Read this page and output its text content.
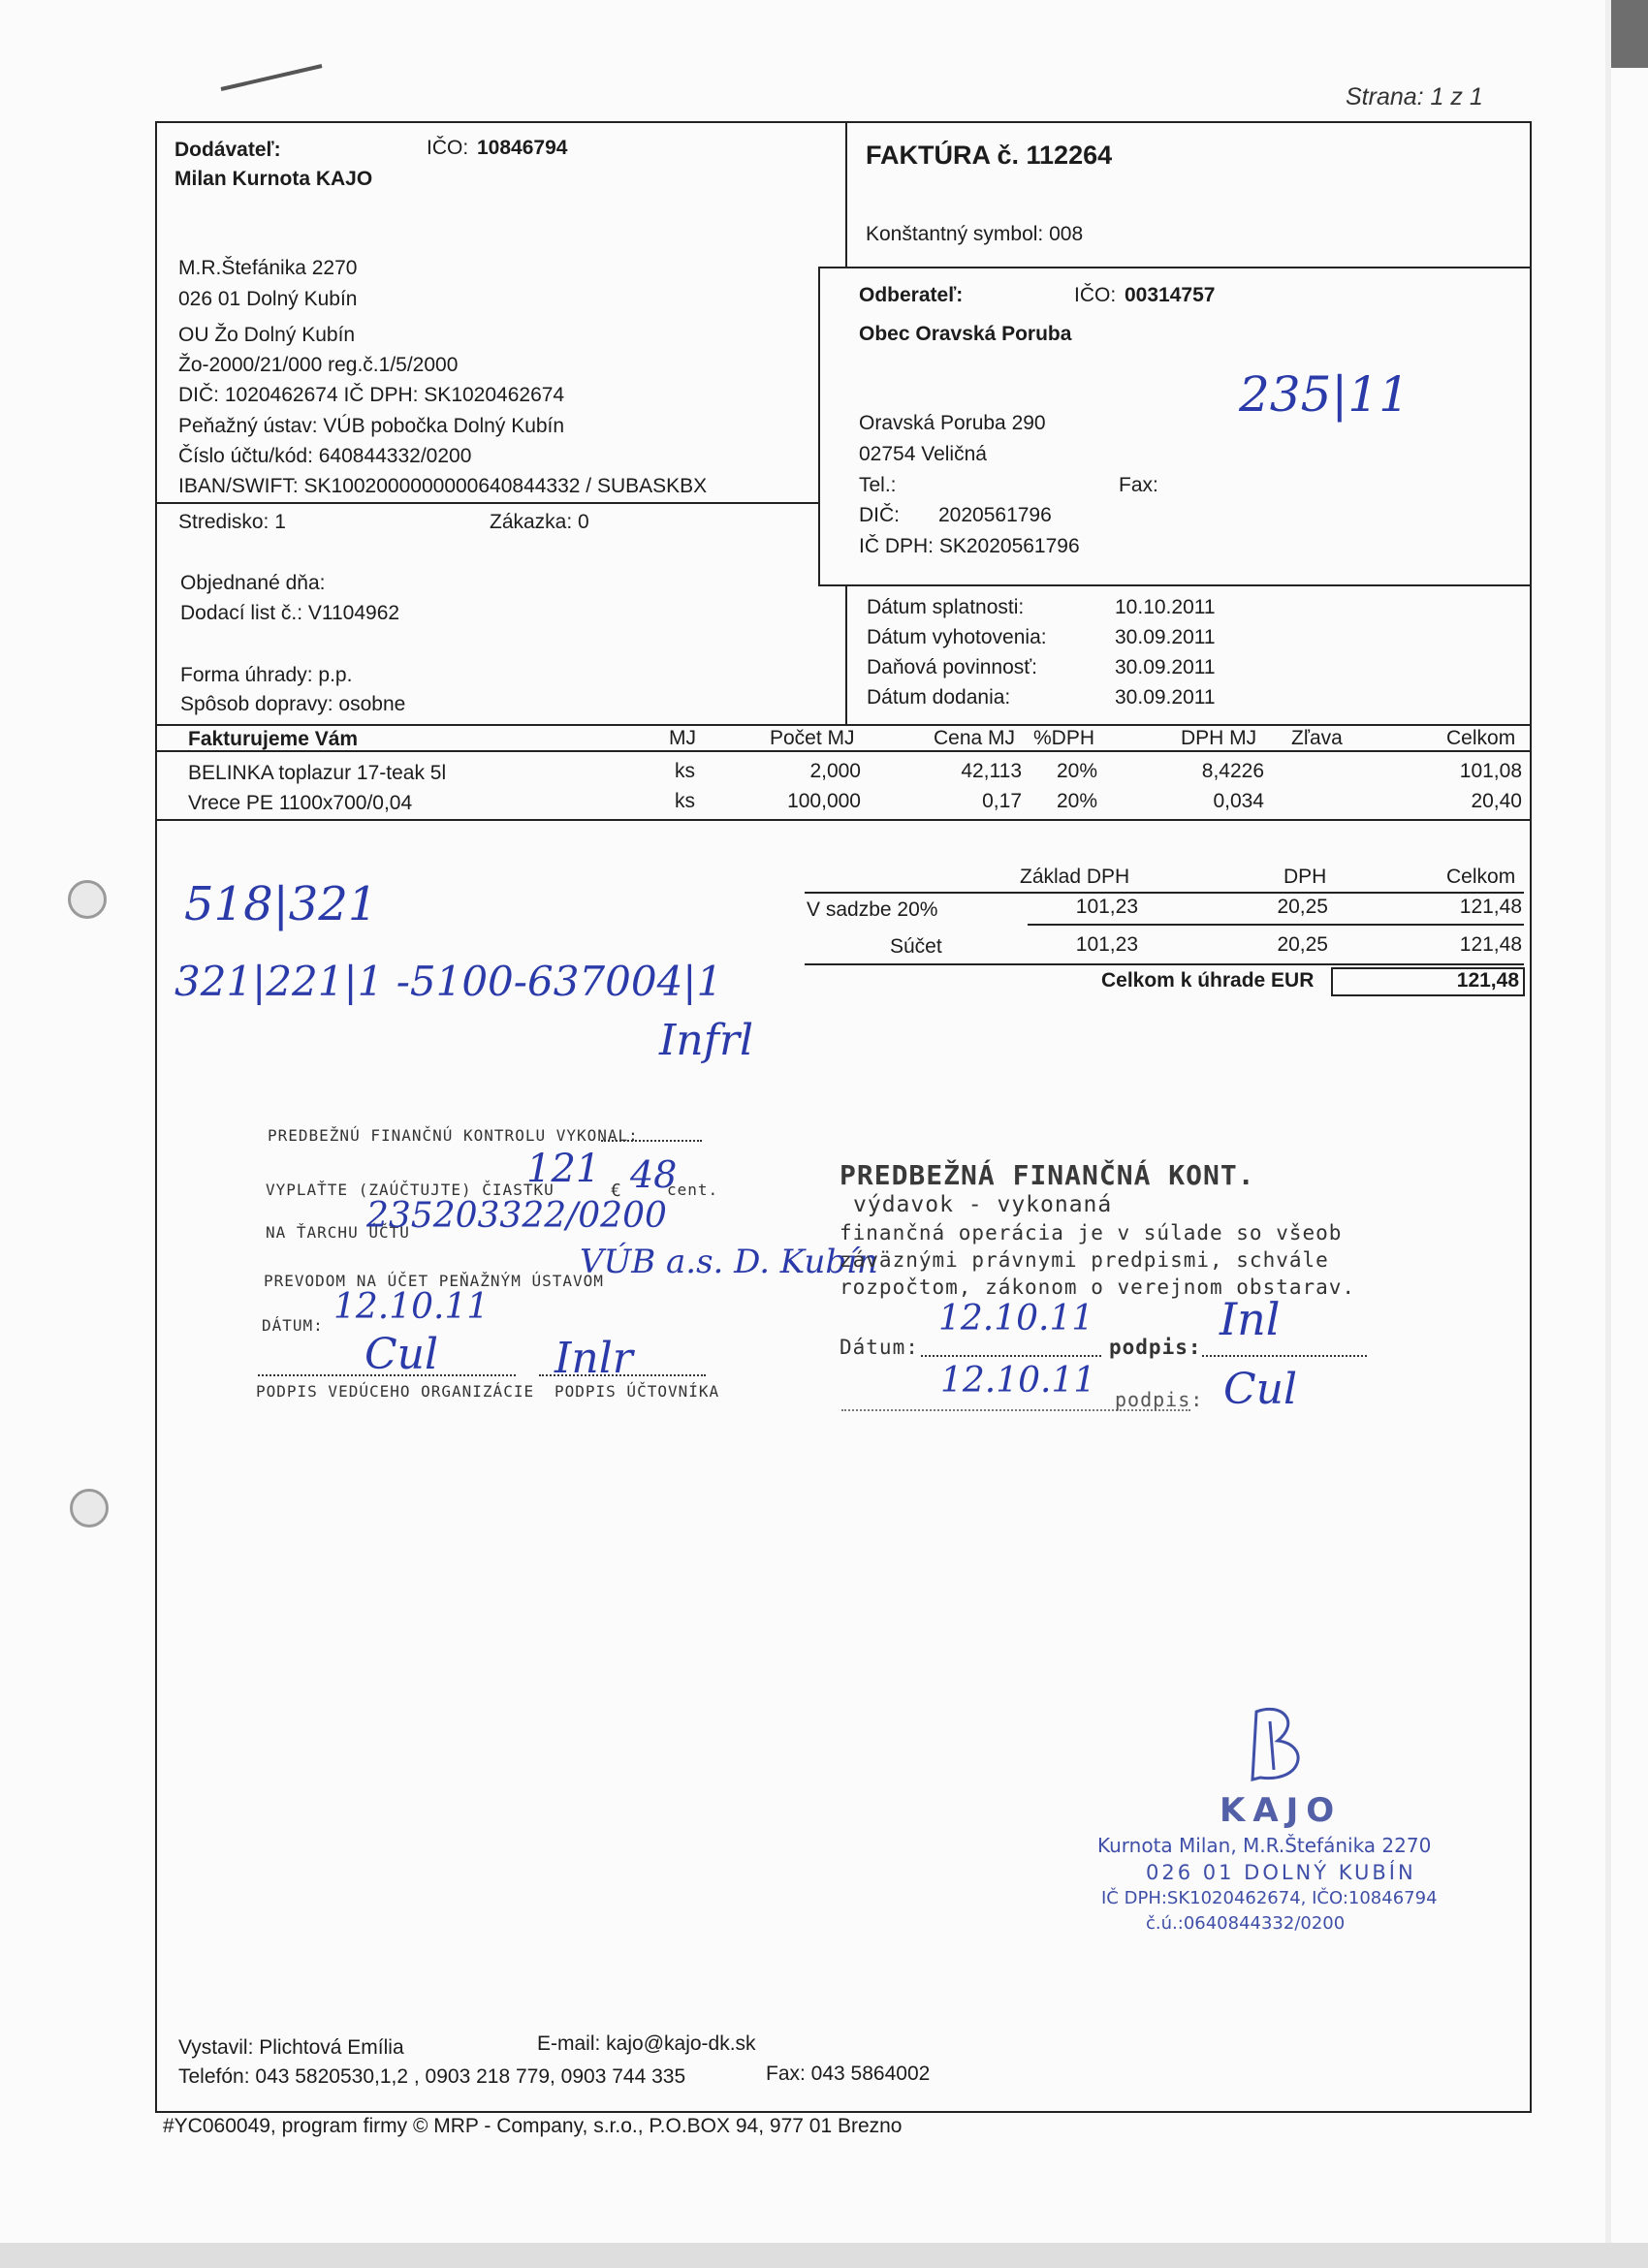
Strana: 1 z 1
Dodávateľ:	IČO: 10846794
Milan Kurnota KAJO
M.R.Štefánika 2270
026 01 Dolný Kubín
OU Žo Dolný Kubín
Žo-2000/21/000 reg.č.1/5/2000
DIČ: 1020462674 IČ DPH: SK1020462674
Peňažný ústav: VÚB pobočka Dolný Kubín
Číslo účtu/kód: 640844332/0200
IBAN/SWIFT: SK1002000000000640844332 / SUBASKBX
FAKTÚRA č. 112264
Konštantný symbol: 008
Odberateľ:	IČO: 00314757
Obec Oravská Poruba
Oravská Poruba 290
02754 Veličná
Tel.:	Fax:
DIČ: 2020561796
IČ DPH: SK2020561796
235|11
Stredisko: 1	Zákazka: 0
Objednané dňa:
Dodací list č.: V1104962
Forma úhrady: p.p.
Spôsob dopravy: osobne
Dátum splatnosti:	10.10.2011
Dátum vyhotovenia:	30.09.2011
Daňová povinnosť:	30.09.2011
Dátum dodania:	30.09.2011
Fakturujeme Vám	MJ	Počet MJ	Cena MJ %DPH	DPH MJ Zľava	Celkom
BELINKA toplazur 17-teak 5l	ks	2,000	42,113 20%	8,4226	101,08
Vrece PE 1100x700/0,04	ks	100,000	0,17 20%	0,034	20,40
Základ DPH	DPH	Celkom
V sadzbe 20%	101,23	20,25	121,48
Súčet	101,23	20,25	121,48
Celkom k úhrade EUR	121,48
518|321
321|221|1 -5100-637004|1
Infrl
PREDBEŽNÚ FINANČNÚ KONTROLU VYKONAL:
VYPLAŤTE (ZAÚČTUJTE) ČIASTKU
121 € 48
cent.
NA ŤARCHU ÚČTU
235203322/0200
PREVODOM NA ÚČET PEŇAŽNÝM ÚSTAVOM
VÚB a.s. D. Kubín
DÁTUM: 12.10.11
Cul	Inlr
PODPIS VEDÚCEHO ORGANIZÁCIE PODPIS ÚČTOVNÍKA
PREDBEŽNÁ FINANČNÁ KONT.
výdavok - vykonaná
finančná operácia je v súlade so všeob
záväznými právnymi predpismi, schvále
rozpočtom, zákonom o verejnom obstarav.
Dátum:
12.10.11
podpis:
Inl
12.10.11 podpis: Cul
KAJO
Kurnota Milan, M.R.Štefánika 2270
026 01 DOLNÝ KUBÍN
IČ DPH:SK1020462674, IČO:10846794
č.ú.:0640844332/0200
Vystavil: Plichtová Emília	E-mail: kajo@kajo-dk.sk
Telefón: 043 5820530,1,2 , 0903 218 779, 0903 744 335	Fax: 043 5864002
#YC060049, program firmy © MRP - Company, s.r.o., P.O.BOX 94, 977 01 Brezno
